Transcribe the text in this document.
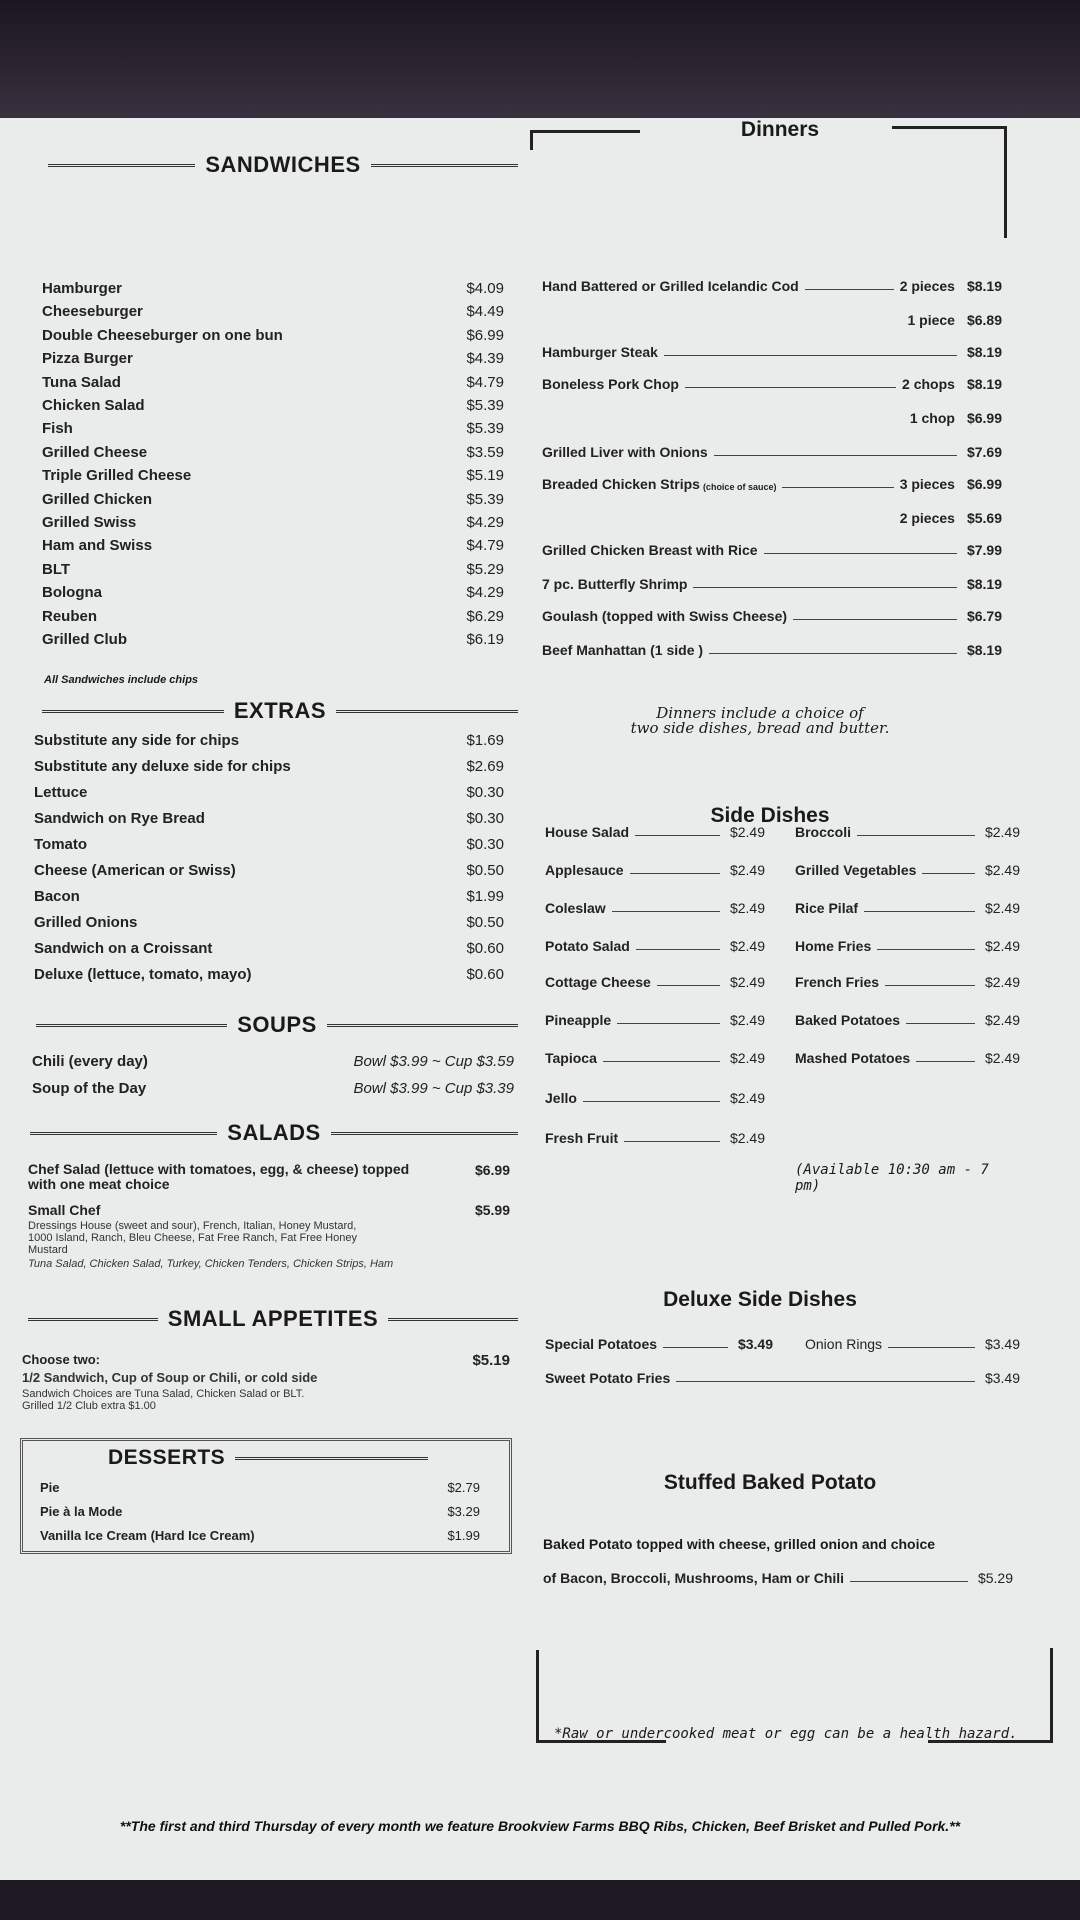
SANDWICHES
Hamburger	$4.09
Cheeseburger	$4.49
Double Cheeseburger on one bun	$6.99
Pizza Burger	$4.39
Tuna Salad	$4.79
Chicken Salad	$5.39
Fish	$5.39
Grilled Cheese	$3.59
Triple Grilled Cheese	$5.19
Grilled Chicken	$5.39
Grilled Swiss	$4.29
Ham and Swiss	$4.79
BLT	$5.29
Bologna	$4.29
Reuben	$6.29
Grilled Club	$6.19
All Sandwiches include chips
EXTRAS
Substitute any side for chips	$1.69
Substitute any deluxe side for chips	$2.69
Lettuce	$0.30
Sandwich on Rye Bread	$0.30
Tomato	$0.30
Cheese (American or Swiss)	$0.50
Bacon	$1.99
Grilled Onions	$0.50
Sandwich on a Croissant	$0.60
Deluxe (lettuce, tomato, mayo)	$0.60
SOUPS
Chili (every day)	Bowl $3.99 ~ Cup $3.59
Soup of the Day	Bowl $3.99 ~ Cup $3.39
SALADS
Chef Salad (lettuce with tomatoes, egg, & cheese) topped with one meat choice
$6.99
Small Chef	$5.99
Dressings House (sweet and sour), French, Italian, Honey Mustard, 1000 Island, Ranch, Bleu Cheese, Fat Free Ranch, Fat Free Honey Mustard
Tuna Salad, Chicken Salad, Turkey, Chicken Tenders, Chicken Strips, Ham
SMALL APPETITES
Choose two:	$5.19
1/2 Sandwich, Cup of Soup or Chili, or cold side
Sandwich Choices are Tuna Salad, Chicken Salad or BLT.
Grilled 1/2 Club extra $1.00
DESSERTS
Pie	$2.79
Pie à la Mode	$3.29
Vanilla Ice Cream (Hard Ice Cream)	$1.99
Dinners
Hand Battered or Grilled Icelandic Cod	2 pieces $8.19
1 piece $6.89
Hamburger Steak	$8.19
Boneless Pork Chop	2 chops $8.19
1 chop $6.99
Grilled Liver with Onions	$7.69
Breaded Chicken Strips (choice of sauce)	3 pieces $6.99
2 pieces $5.69
Grilled Chicken Breast with Rice	$7.99
7 pc. Butterfly Shrimp	$8.19
Goulash (topped with Swiss Cheese)	$6.79
Beef Manhattan (1 side )	$8.19
Dinners include a choice of
two side dishes, bread and butter.
Side Dishes
House Salad	$2.49
Applesauce	$2.49
Coleslaw	$2.49
Potato Salad	$2.49
Cottage Cheese	$2.49
Pineapple	$2.49
Tapioca	$2.49
Jello	$2.49
Fresh Fruit	$2.49
Broccoli	$2.49
Grilled Vegetables	$2.49
Rice Pilaf	$2.49
Home Fries	$2.49
French Fries	$2.49
Baked Potatoes	$2.49
Mashed Potatoes	$2.49
(Available 10:30 am - 7 pm)
Deluxe Side Dishes
Special Potatoes	$3.49 Onion Rings	$3.49
Sweet Potato Fries	$3.49
Stuffed Baked Potato
Baked Potato topped with cheese, grilled onion and choice
of Bacon, Broccoli, Mushrooms, Ham or Chili	$5.29
*Raw or undercooked meat or egg can be a health hazard.
**The first and third Thursday of every month we feature Brookview Farms BBQ Ribs, Chicken, Beef Brisket and Pulled Pork.**
